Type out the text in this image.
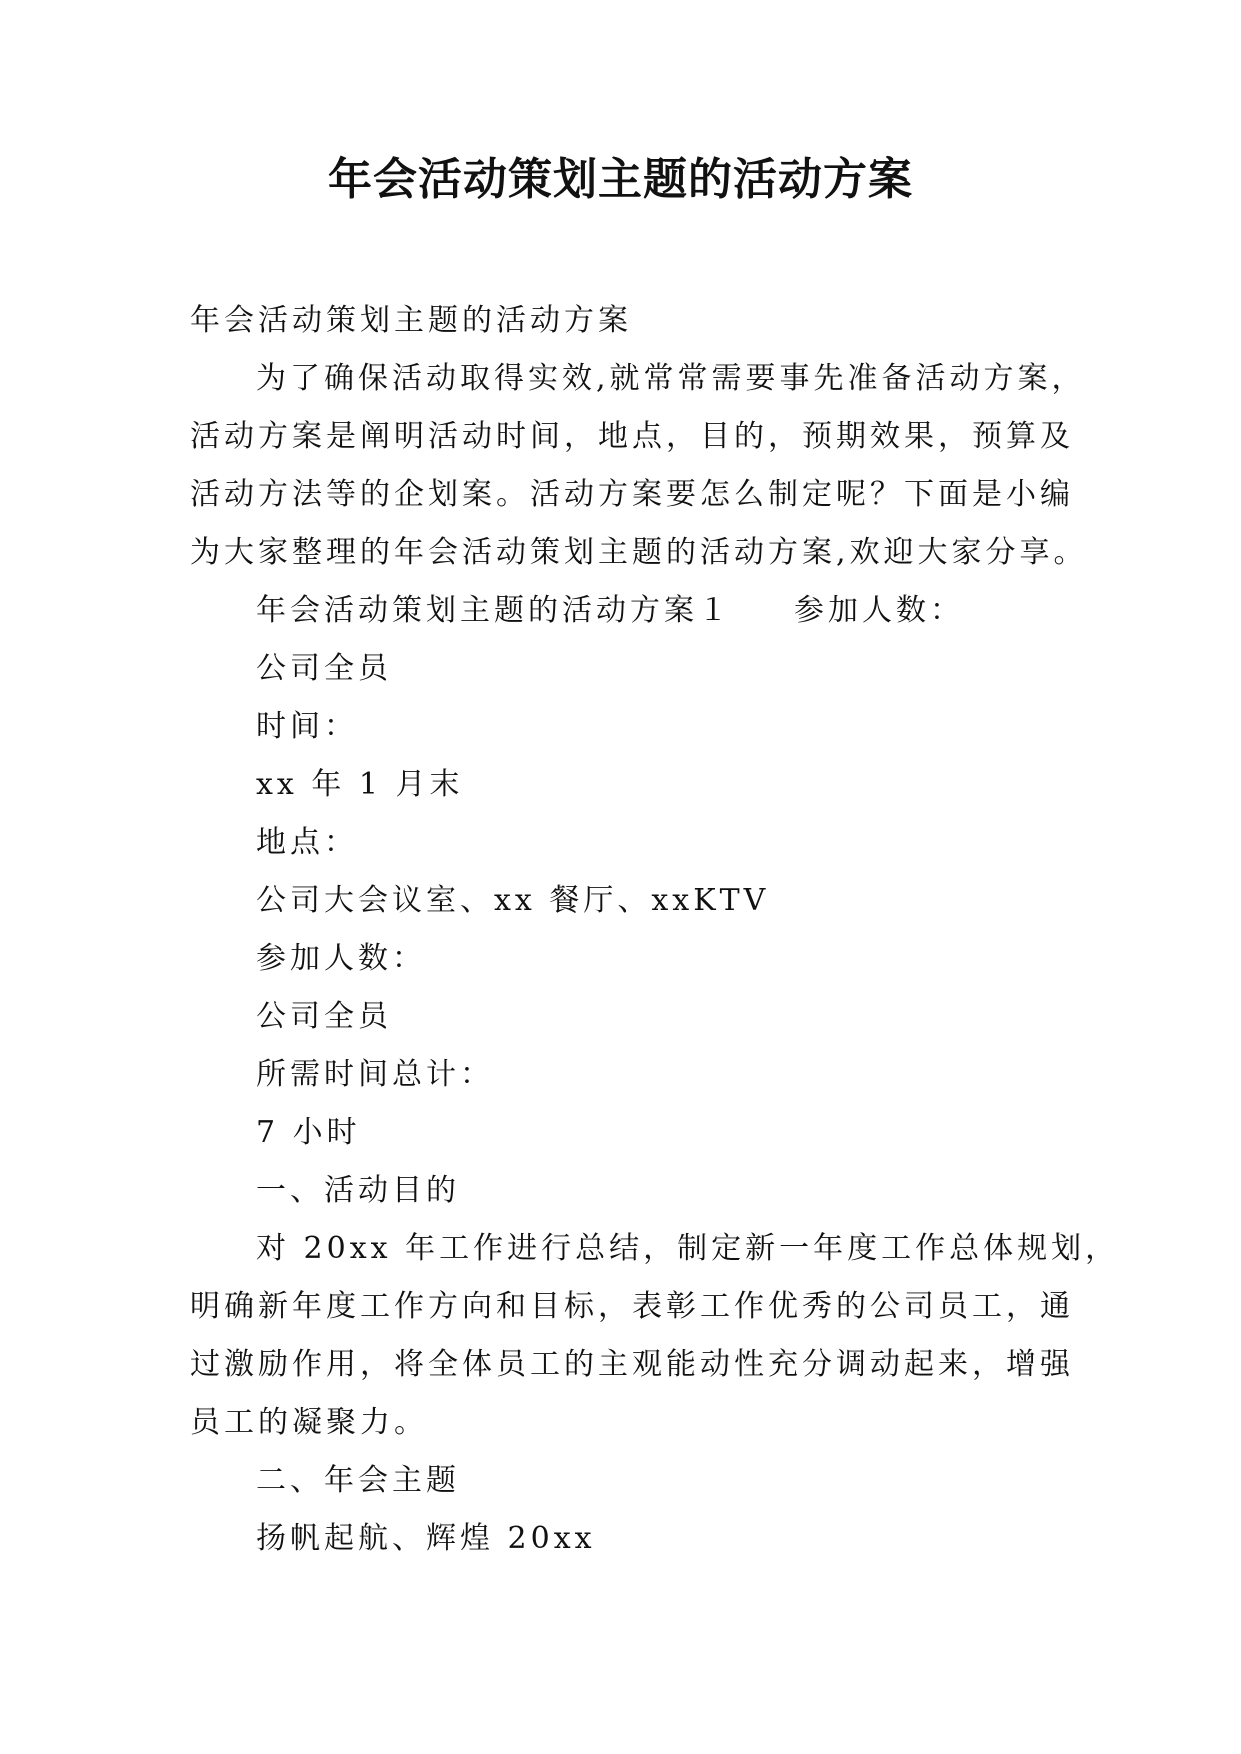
年会活动策划主题的活动方案

年会活动策划主题的活动方案

为了确保活动取得实效,就常常需要事先准备活动方案，

活动方案是阐明活动时间，地点，目的，预期效果，预算及

活动方法等的企划案。活动方案要怎么制定呢？下面是小编

为大家整理的年会活动策划主题的活动方案,欢迎大家分享。

年会活动策划主题的活动方案１ 参加人数：

公司全员

时间：

xx 年 1 月末

地点：

公司大会议室、xx 餐厅、xxKTV

参加人数：

公司全员

所需时间总计：

7 小时

一、活动目的

对 20xx 年工作进行总结，制定新一年度工作总体规划，

明确新年度工作方向和目标，表彰工作优秀的公司员工，通

过激励作用，将全体员工的主观能动性充分调动起来，增强

员工的凝聚力。

二、年会主题

扬帆起航、辉煌 20xx
